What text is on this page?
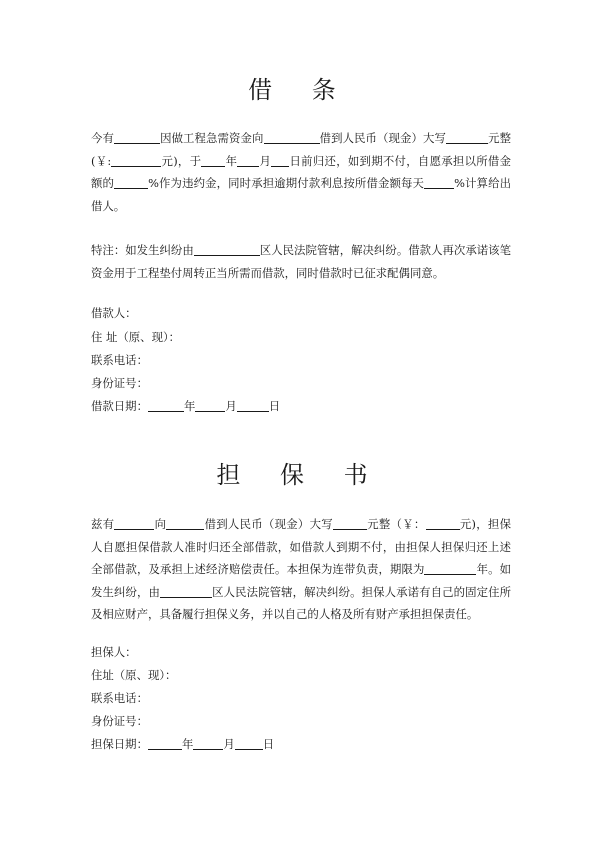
借 条
今有	因做工程急需资金向	借到人民币（现金）大写	元整(￥:	元)，于 年 月 日前归还，如到期不付，自愿承担以所借金额的	%作为违约金，同时承担逾期付款利息按所借金额每天	%计算给出借人。
特注：如发生纠纷由	区人民法院管辖，解决纠纷。借款人再次承诺该笔资金用于工程垫付周转正当所需而借款，同时借款时已征求配偶同意。
借款人：
住 址（原、现）：
联系电话：
身份证号：
借款日期：	年	月	日
担 保 书
兹有	向	借到人民币（现金）大写	元整（￥：	元)，担保人自愿担保借款人准时归还全部借款，如借款人到期不付，由担保人担保归还上述全部借款，及承担上述经济赔偿责任。本担保为连带负责，期限为	年。如发生纠纷，由	区人民法院管辖，解决纠纷。担保人承诺有自己的固定住所及相应财产，具备履行担保义务，并以自己的人格及所有财产承担担保责任。
担保人：
住址（原、现）：
联系电话：
身份证号：
担保日期：	年	月 日
